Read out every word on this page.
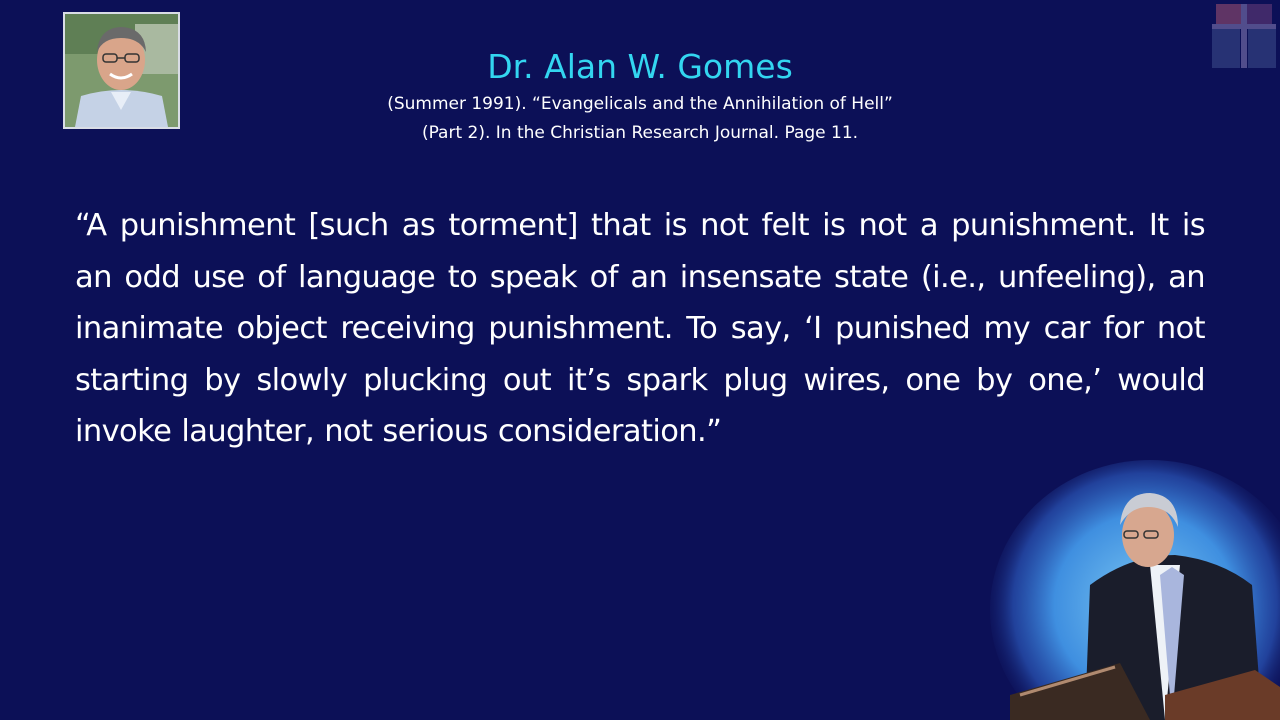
Dr. Alan W. Gomes
(Summer 1991). “Evangelicals and the Annihilation of Hell”
(Part 2). In the Christian Research Journal. Page 11.
“A punishment [such as torment] that is not felt is not a punishment. It is an odd use of language to speak of an insensate state (i.e., unfeeling), an inanimate object receiving punishment. To say, ‘I punished my car for not starting by slowly plucking out it’s spark plug wires, one by one,’ would invoke laughter, not serious consideration.”
